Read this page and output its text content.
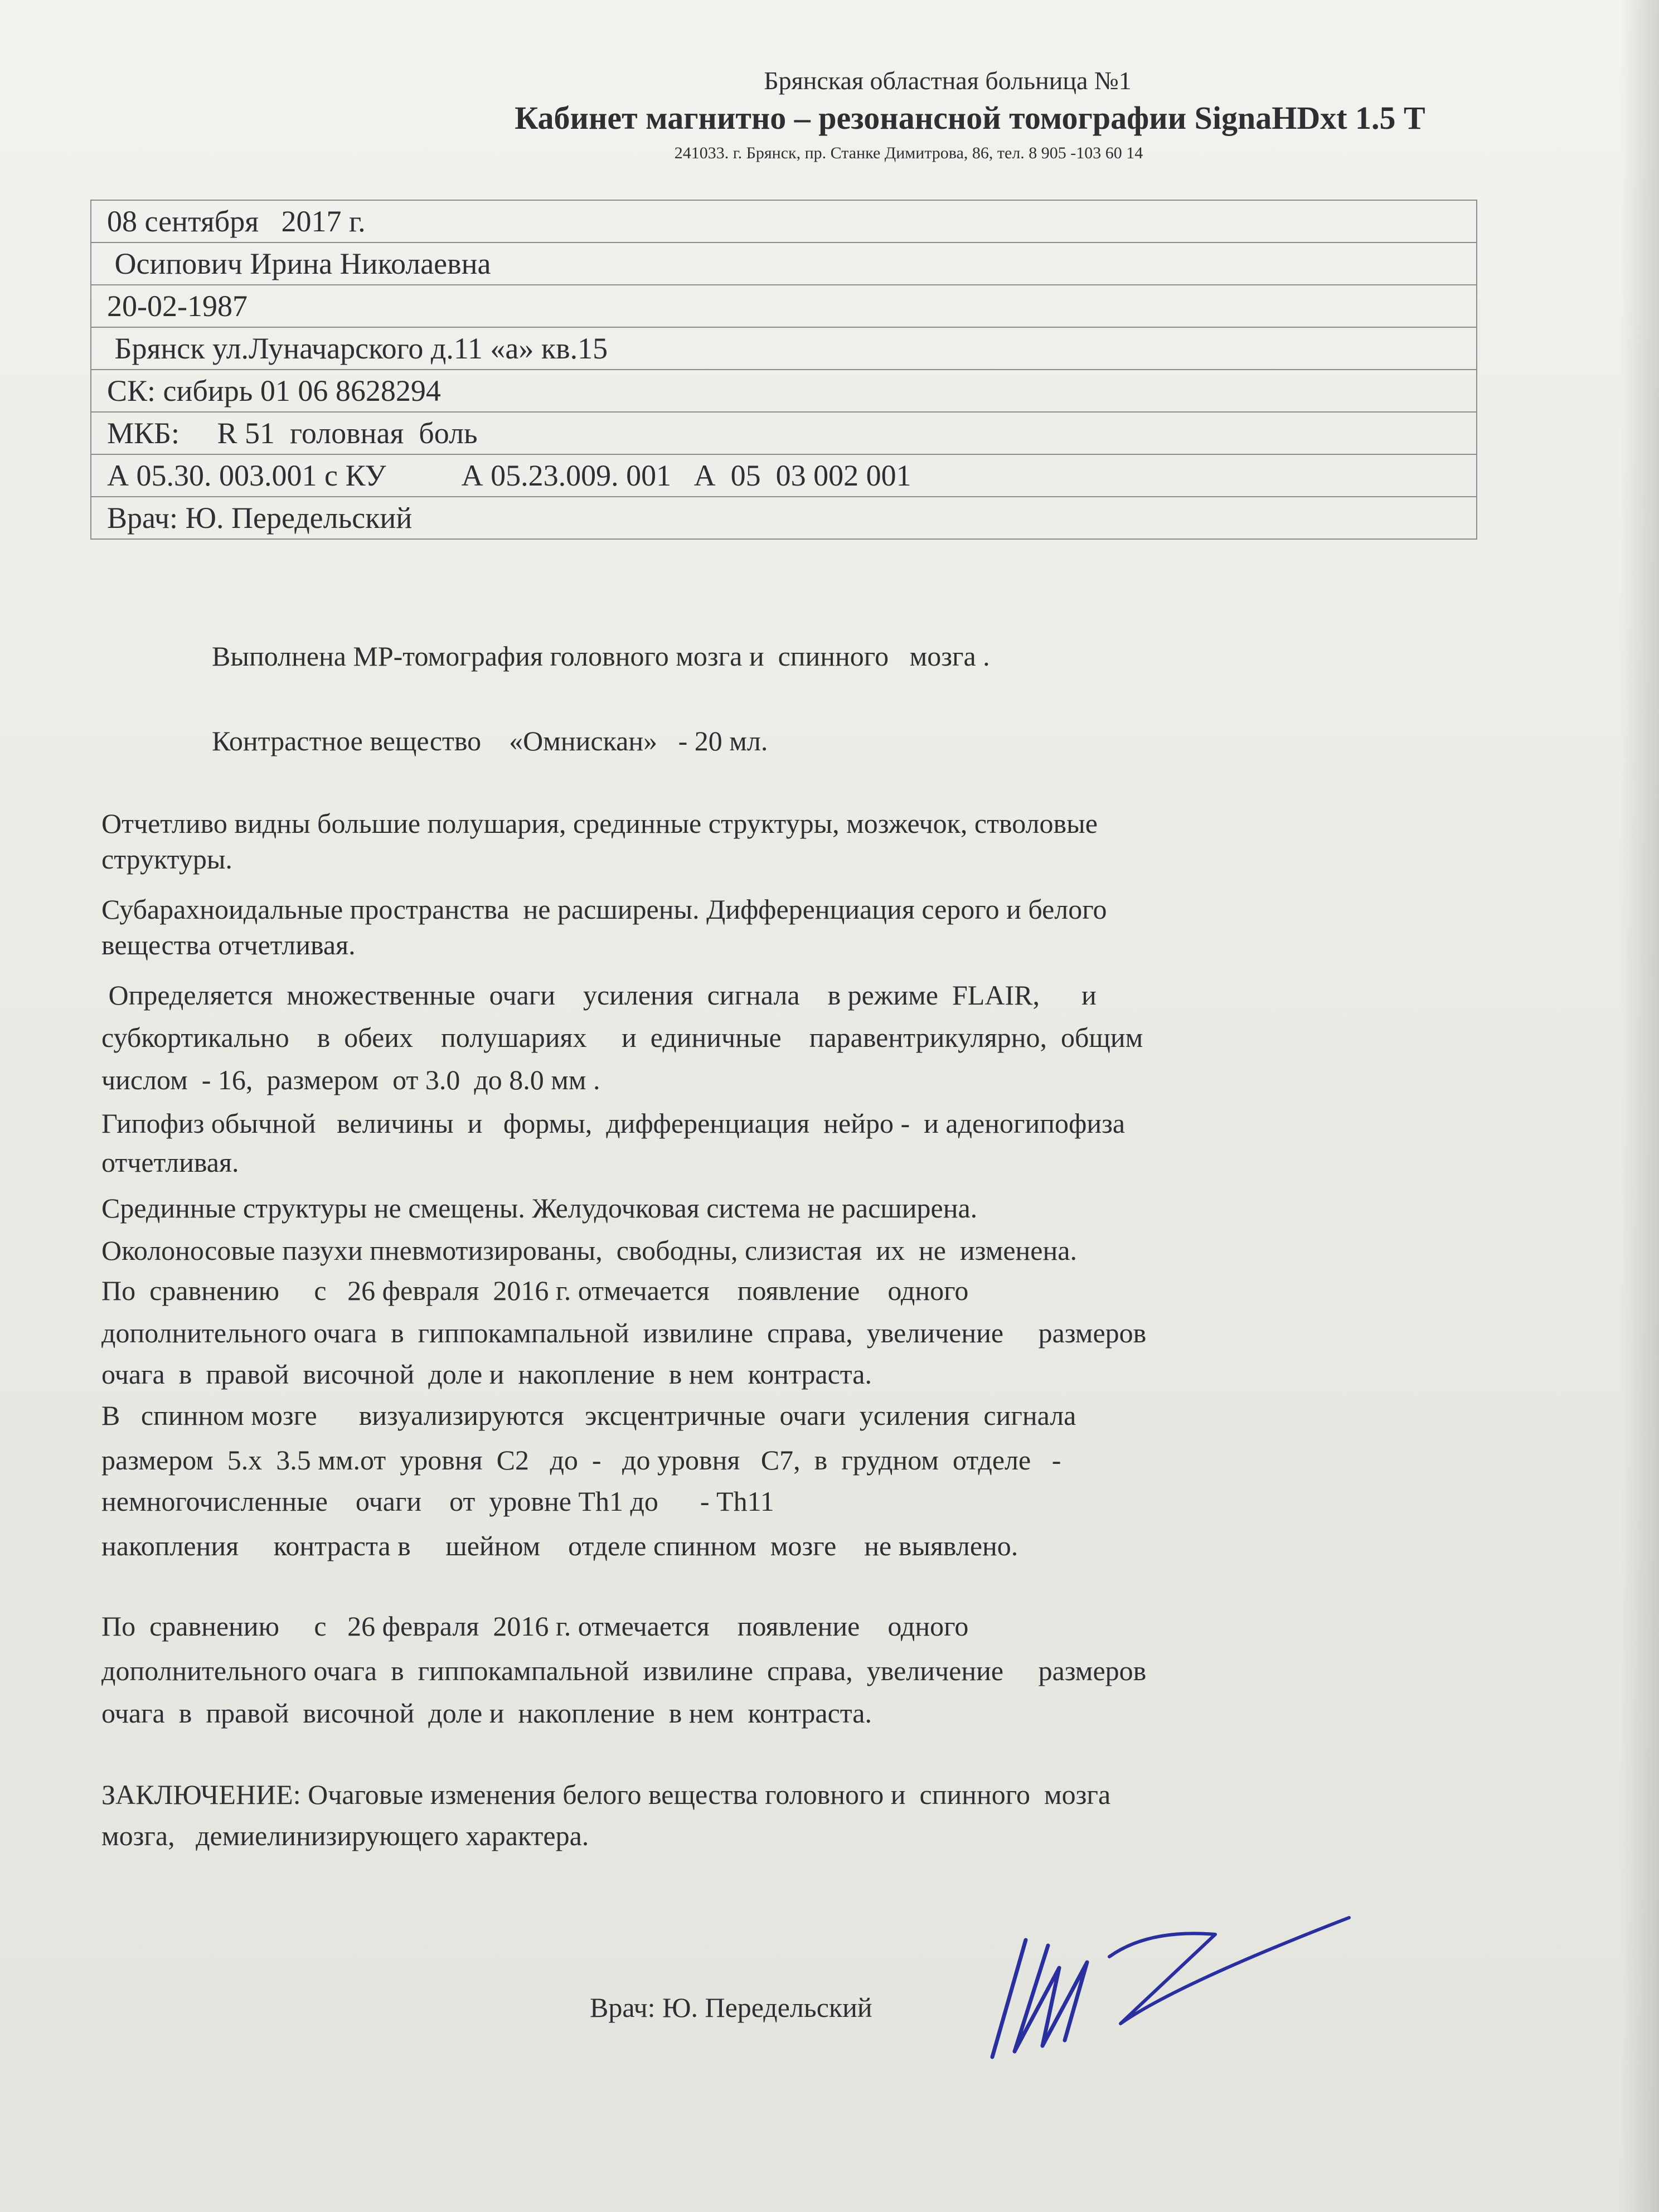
Брянская областная больница №1
Кабинет магнитно – резонансной томографии SignaHDxt 1.5 Т
241033. г. Брянск, пр. Станке Димитрова, 86, тел. 8 905 -103 60 14
08 сентября   2017 г.
Осипович Ирина Николаевна
20-02-1987
Брянск ул.Луначарского д.11 «а» кв.15
СК: сибирь 01 06 8628294
МКБ:     R 51  головная  боль
А 05.30. 003.001 с КУ          А 05.23.009. 001   А  05  03 002 001
Врач: Ю. Передельский
Выполнена МР-томография головного мозга и  спинного   мозга .
Контрастное вещество    «Омнискан»   - 20 мл.
Отчетливо видны большие полушария, срединные структуры, мозжечок, стволовые
структуры.
Субарахноидальные пространства  не расширены. Дифференциация серого и белого
вещества отчетливая.
Определяется  множественные  очаги    усиления  сигнала    в режиме  FLAIR,      и
субкортикально    в  обеих    полушариях     и  единичные    паравентрикулярно,  общим
числом  - 16,  размером  от 3.0  до 8.0 мм .
Гипофиз обычной   величины  и   формы,  дифференциация  нейро -  и аденогипофиза
отчетливая.
Срединные структуры не смещены. Желудочковая система не расширена.
Околоносовые пазухи пневмотизированы,  свободны, слизистая  их  не  изменена.
По  сравнению     с   26 февраля  2016 г. отмечается    появление    одного
дополнительного очага  в  гиппокампальной  извилине  справа,  увеличение     размеров
очага  в  правой  височной  доле и  накопление  в нем  контраста.
В   спинном мозге      визуализируются   эксцентричные  очаги  усиления  сигнала
размером  5.х  3.5 мм.от  уровня  С2   до  -   до уровня   С7,  в  грудном  отделе   -
немногочисленные    очаги    от  уровне Th1 до      - Th11
накопления     контраста в     шейном    отделе спинном  мозге    не выявлено.
По  сравнению     с   26 февраля  2016 г. отмечается    появление    одного
дополнительного очага  в  гиппокампальной  извилине  справа,  увеличение     размеров
очага  в  правой  височной  доле и  накопление  в нем  контраста.
ЗАКЛЮЧЕНИЕ: Очаговые изменения белого вещества головного и  спинного  мозга
мозга,   демиелинизирующего характера.
Врач: Ю. Передельский
